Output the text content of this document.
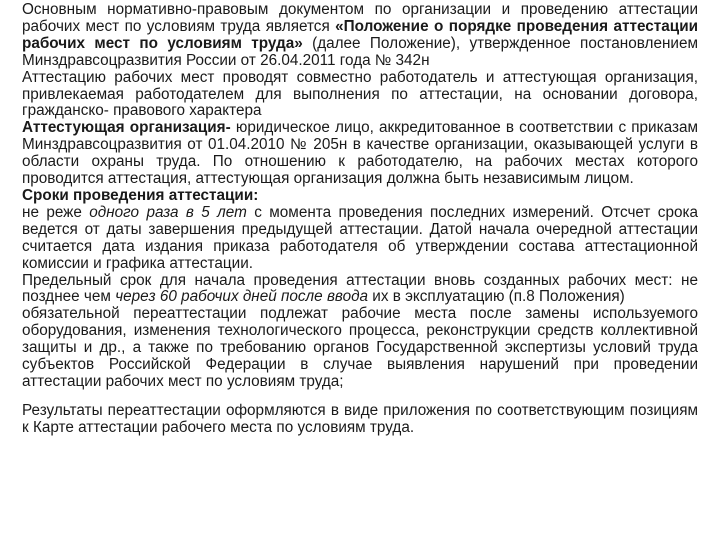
Основным нормативно-правовым документом по организации и проведению аттестации рабочих мест по условиям труда является «Положение о порядке проведения аттестации рабочих мест по условиям труда» (далее Положение), утвержденное постановлением Минздравсоцразвития России от 26.04.2011 года № 342н

Аттестацию рабочих мест проводят совместно работодатель и аттестующая организация, привлекаемая работодателем для выполнения по аттестации, на основании договора, гражданско- правового характера

Аттестующая организация- юридическое лицо, аккредитованное в соответствии с приказам Минздравсоцразвития от 01.04.2010 № 205н в качестве организации, оказывающей услуги в области охраны труда. По отношению к работодателю, на рабочих местах которого проводится аттестация, аттестующая организация должна быть независимым лицом.

Сроки проведения аттестации:

не реже одного раза в 5 лет с момента проведения последних измерений. Отсчет срока ведется от даты завершения предыдущей аттестации. Датой начала очередной аттестации считается дата издания приказа работодателя об утверждении состава аттестационной комиссии и графика аттестации.

Предельный срок для начала проведения аттестации вновь созданных рабочих мест: не позднее чем через 60 рабочих дней после ввода их в эксплуатацию (п.8 Положения)

обязательной переаттестации подлежат рабочие места после замены используемого оборудования, изменения технологического процесса, реконструкции средств коллективной защиты и др., а также по требованию органов Государственной экспертизы условий труда субъектов Российской Федерации в случае выявления нарушений при проведении аттестации рабочих мест по условиям труда;

Результаты переаттестации оформляются в виде приложения по соответствующим позициям к Карте аттестации рабочего места по условиям труда.
